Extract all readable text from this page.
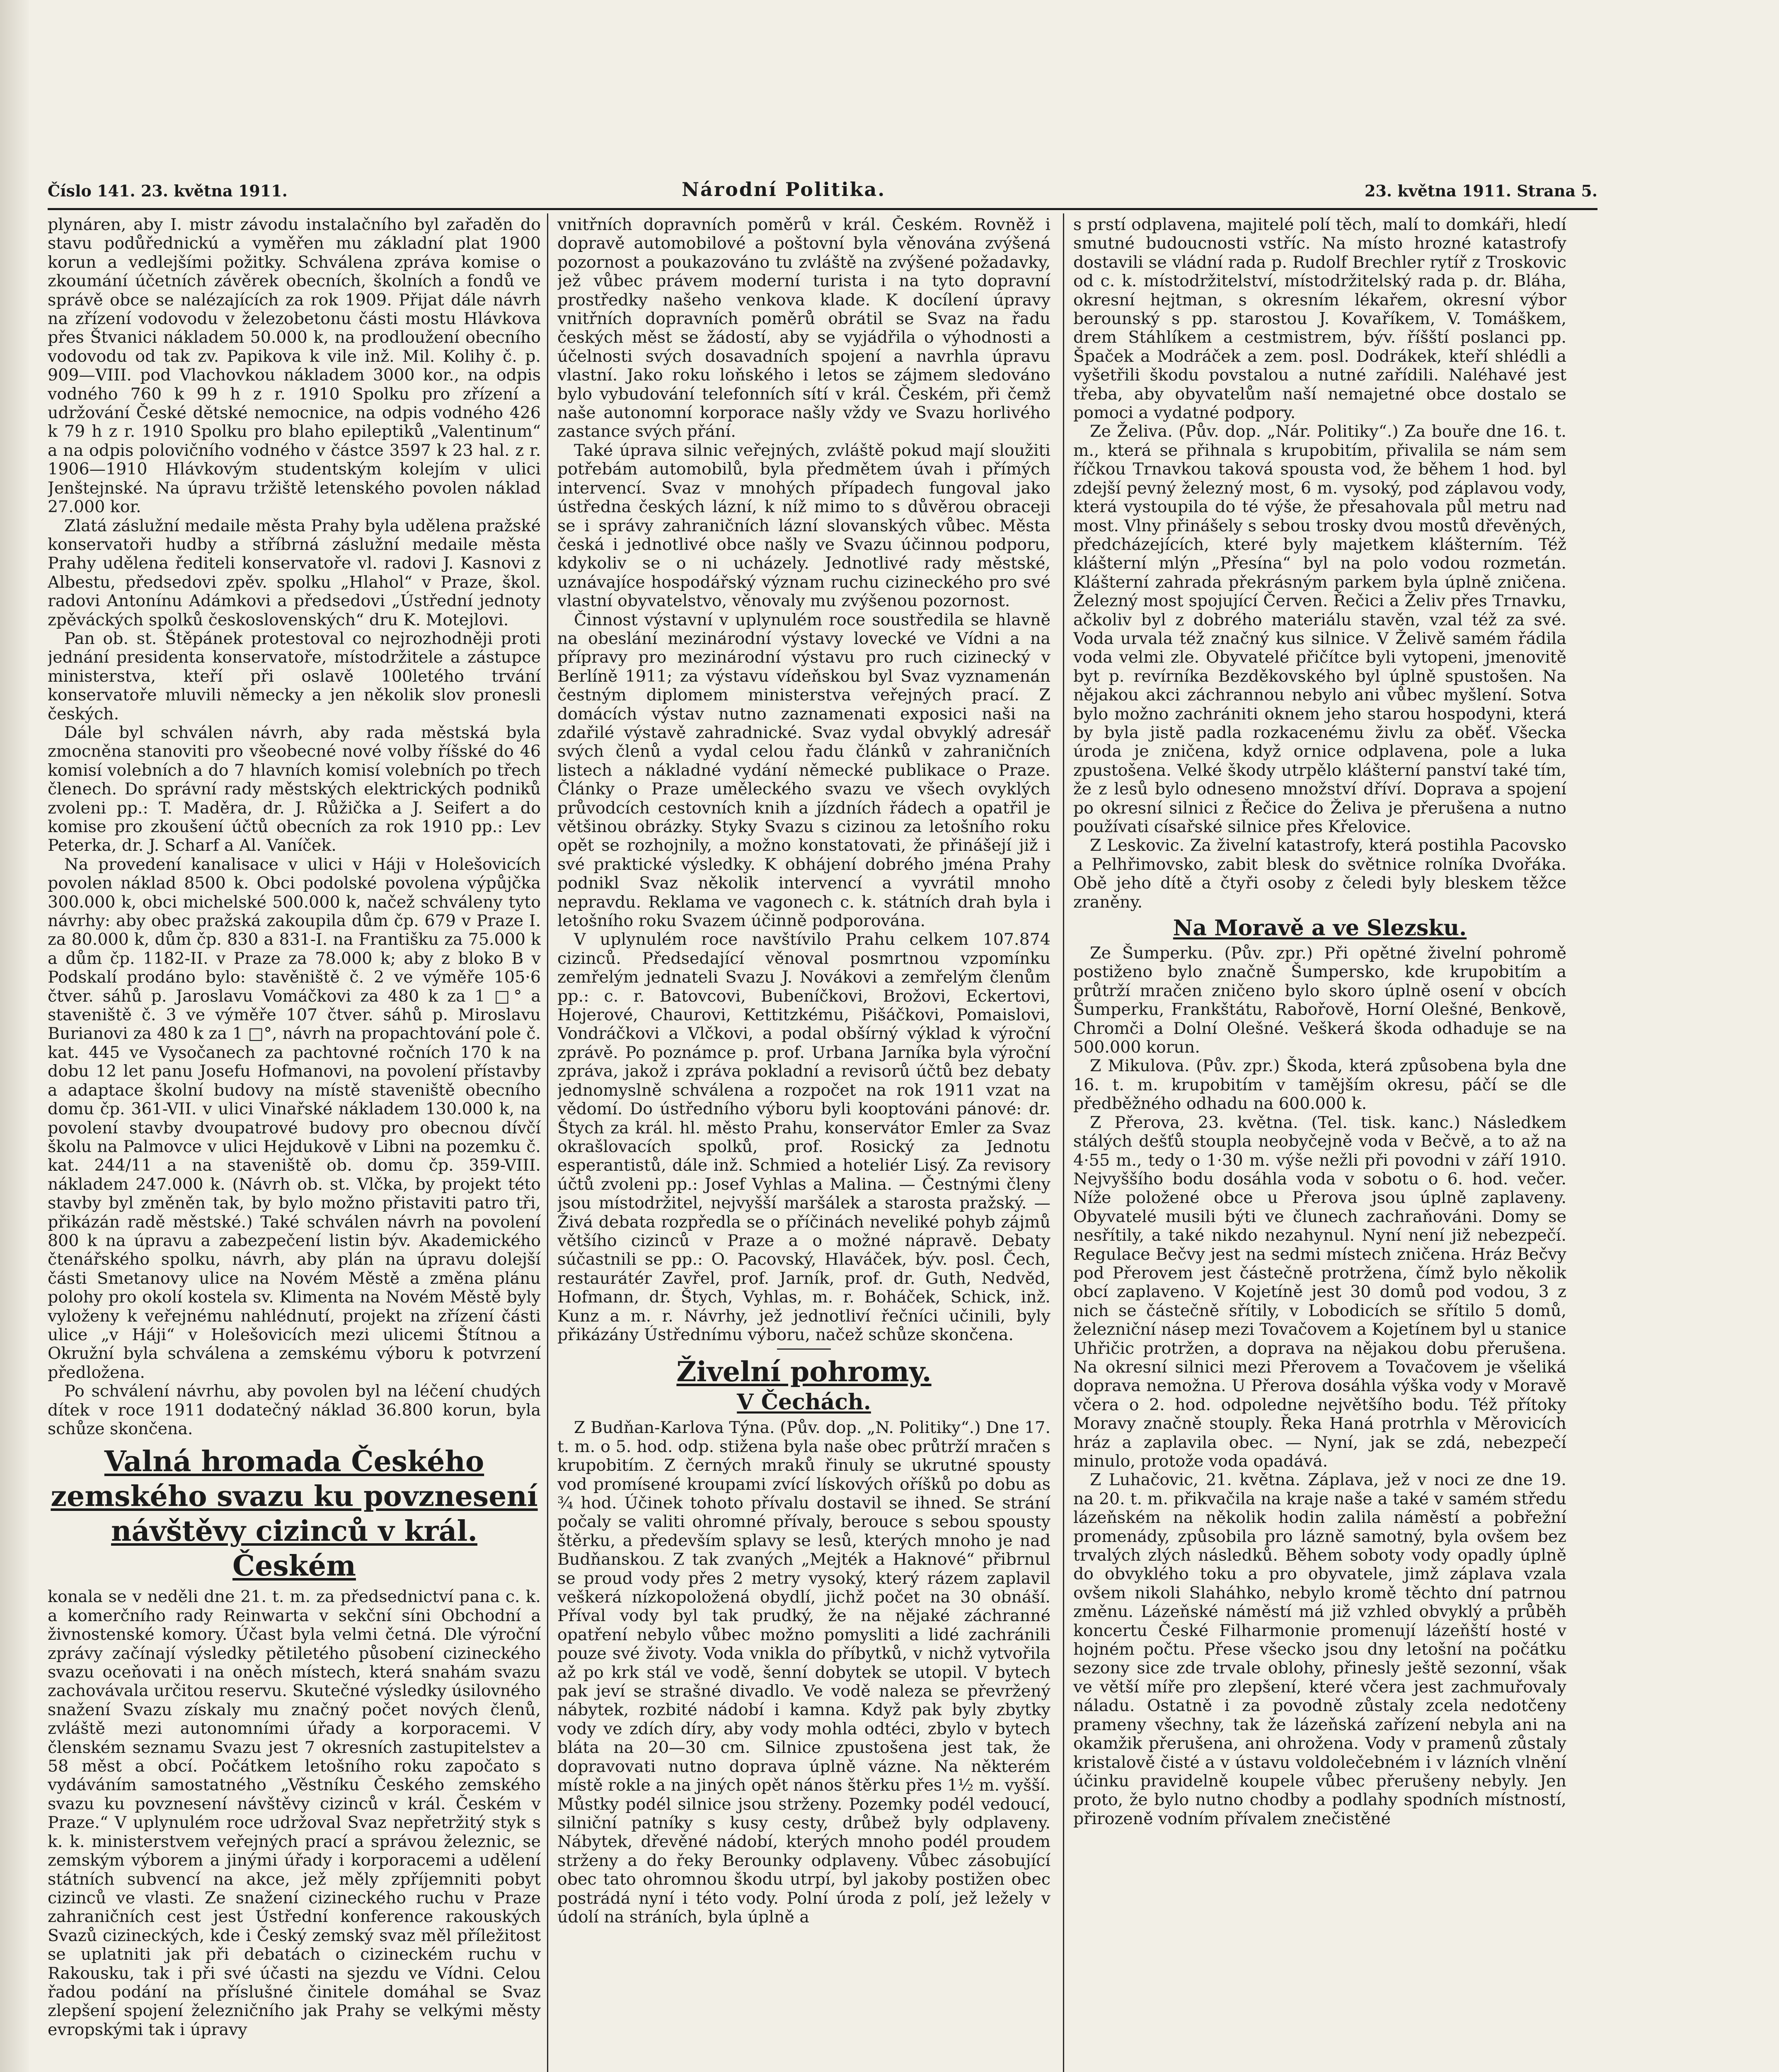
Číslo 141. 23. května 1911.	Národní Politika.	23. května 1911. Strana 5.

plynáren, aby I. mistr závodu instalačního byl zařaděn do stavu podůřednickú a vyměřen mu základní plat 1900 korun a vedlejšími požitky. Schválena zpráva komise o zkoumání účetních závěrek obecních, školních a fondů ve správě obce se nalézajících za rok 1909. Přijat dále návrh na zřízení vodovodu v železobetonu části mostu Hlávkova přes Štvanici nákladem 50.000 k, na prodloužení obecního vodovodu od tak zv. Papikova k vile inž. Mil. Kolihy č. p. 909—VIII. pod Vlachovkou nákladem 3000 kor., na odpis vodného 760 k 99 h z r. 1910 Spolku pro zřízení a udržování České dětské nemocnice, na odpis vodného 426 k 79 h z r. 1910 Spolku pro blaho epileptiků „Valentinum“ a na odpis polovičního vodného v částce 3597 k 23 hal. z r. 1906—1910 Hlávkovým studentským kolejím v ulici Jenštejnské. Na úpravu tržiště letenského povolen náklad 27.000 kor.

Zlatá záslužní medaile města Prahy byla udělena pražské konservatoři hudby a stříbrná záslužní medaile města Prahy udělena řediteli konservatoře vl. radovi J. Kasnovi z Albestu, předsedovi zpěv. spolku „Hlahol“ v Praze, škol. radovi Antonínu Adámkovi a předsedovi „Ústřední jednoty zpěváckých spolků československých“ dru K. Motejlovi.

Pan ob. st. Štěpánek protestoval co nejrozhodněji proti jednání presidenta konservatoře, místodržitele a zástupce ministerstva, kteří při oslavě 100letého trvání konservatoře mluvili německy a jen několik slov pronesli českých.

Dále byl schválen návrh, aby radа městská byla zmocněna stanoviti pro všeobecné nové volby říšské do 46 komisí volebních a do 7 hlavních komisí volebních po třech členech. Do správní rady městských elektrických podniků zvoleni pp.: T. Maděra, dr. J. Růžička a J. Seifert a do komise pro zkoušení účtů obecních za rok 1910 pp.: Lev Peterka, dr. J. Scharf a Al. Vaníček.

Na provedení kanalisace v ulici v Háji v Holešovicích povolen náklad 8500 k. Obci podolské povolena výpůjčka 300.000 k, obci michelské 500.000 k, načež schváleny tyto návrhy: aby obec pražská zakoupila dům čp. 679 v Praze I. za 80.000 k, dům čp. 830 a 831-I. na Františku za 75.000 k a dům čp. 1182-II. v Praze za 78.000 k; aby z blokо B v Podskalí prodáno bylo: stavěniště č. 2 ve výměře 105·6 čtver. sáhů p. Jaroslavu Vomáčkovi za 480 k za 1 □° a staveniště č. 3 ve výměře 107 čtver. sáhů p. Miroslavu Burianovi za 480 k za 1 □°, návrh na propachtování pole č. kat. 445 ve Vysočanech za pachtovné ročních 170 k na dobu 12 let panu Josefu Hofmanovi, na povolení přístavby a adaptace školní budovy na místě staveniště obecního domu čp. 361-VII. v ulici Vinařské nákladem 130.000 k, na povolení stavby dvoupatrové budovy pro obecnou dívčí školu na Palmovce v ulici Hejdukově v Libni na pozemku č. kat. 244/11 a na staveniště ob. domu čp. 359-VIII. nákladem 247.000 k. (Návrh ob. st. Vlčka, by projekt této stavby byl změněn tak, by bylo možno přistaviti patro tři, přikázán radě městské.) Také schválen návrh na povolení 800 k na úpravu a zabezpečení listin býv. Akademického čtenářského spolku, návrh, aby plán na úpravu dolejší části Smetanovy ulice na Novém Městě a změna plánu polohy pro okolí kostela sv. Klimenta na Novém Městě byly vyloženy k veřejnému nahlédnutí, projekt na zřízení části ulice „v Háji“ v Holešovicích mezi ulicemi Štítnou a Okružní byla schválena a zemskému výboru k potvrzení předložena.

Po schválení návrhu, aby povolen byl na léčení chudých dítek v roce 1911 dodatečný náklad 36.800 korun, byla schůze skončena.

Valná hromada Českého zemského svazu ku povznesení návštěvy cizinců v král. Českém

konala se v neděli dne 21. t. m. za předsednictví pana c. k. a komerčního rady Reinwarta v sekční síni Obchodní a živnostenské komory. Účast byla velmi četná. Dle výroční zprávy začínají výsledky pětiletého působení cizineckého svazu oceňovati i na oněch místech, která snahám svazu zachovávala určitou reservu. Skutečné výsledky úsilovného snažení Svazu získaly mu značný počet nových členů, zvláště mezi autonomními úřady a korporacemi. V členském seznamu Svazu jest 7 okresních zastupitelstev a 58 měst a obcí. Počátkem letošního roku započato s vydáváním samostatného „Věstníku Českého zemského svazu ku povznesení návštěvy cizinců v král. Českém v Praze.“ V uplynulém roce udržoval Svaz nepřetržitý styk s k. k. ministerstvem veřejných prací a správou železnic, se zemským výborem a jinými úřady i korporacemi a udělení státních subvencí na akce, jež měly zpříjemniti pobyt cizinců ve vlasti. Ze snažení cizineckého ruchu v Praze zahraničních cest jest Ústřední konference rakouských Svazů cizineckých, kde i Český zemský svaz měl příležitost se uplatniti jak při debatách o cizineckém ruchu v Rakousku, tak i při své účasti na sjezdu ve Vídni. Celou řadou podání na příslušné činitele domáhal se Svaz zlepšení spojení železničního jak Prahy se velkými městy evropskými tak i úpravy

vnitřních dopravních poměrů v král. Českém. Rovněž i dopravě automobilové a poštovní byla věnována zvýšená pozornost a poukazováno tu zvláště na zvýšené požadavky, jež vůbec právem moderní turista i na tyto dopravní prostředky našeho venkova klade. K docílení úpravy vnitřních dopravních poměrů obrátil se Svaz na řadu českých měst se žádostí, aby se vyjádřila o výhodnosti a účelnosti svých dosavadních spojení a navrhla úpravu vlastní. Jako roku loňského i letos se zájmem sledováno bylo vybudování telefonních sítí v král. Českém, při čemž naše autonomní korporace našly vždy ve Svazu horlivého zastance svých přání.

Také úprava silnic veřejných, zvláště pokud mají sloužiti potřebám automobilů, byla předmětem úvah i přímých intervencí. Svaz v mnohých případech fungoval jako ústředna českých lázní, k níž mimo to s důvěrou obraceji se i správy zahraničních lázní slovanských vůbec. Města česká i jednotlivé obce našly ve Svazu účinnou podporu, kdykoliv se o ni ucházely. Jednotlivé rady městské, uznávajíce hospodářský význam ruchu cizineckého pro své vlastní obyvatelstvo, věnovaly mu zvýšenou pozornost.

Činnost výstavní v uplynulém roce soustředila se hlavně na obeslání mezinárodní výstavy lovecké ve Vídni a na přípravy pro mezinárodní výstavu pro ruch cizinecký v Berlíně 1911; za výstavu vídeňskou byl Svaz vyznamenán čestným diplomem ministerstva veřejných prací. Z domácích výstav nutno zaznamenati exposici naši na zdařilé výstavě zahradnické. Svaz vydal obvyklý adresář svých členů a vydal celou řadu článků v zahraničních listech a nákladné vydání německé publikace o Praze. Články o Praze uměleckého svazu ve všech ovyklých průvodcích cestovních knih a jízdních řádech a opatřil je většinou obrázky. Styky Svazu s cizinou za letošního roku opět se rozhojnily, a možno konstatovati, že přinášejí již i své praktické výsledky. K obhájení dobrého jména Prahy podnikl Svaz několik intervencí a vyvrátil mnoho nepravdu. Reklama ve vagonech c. k. státních drah byla i letošního roku Svazem účinně podporována.

V uplynulém roce navštívilo Prahu celkem 107.874 cizinců. Předsedající věnoval posmrtnou vzpomínku zemřelým jednateli Svazu J. Novákovi a zemřelým členům pp.: c. r. Batovcovi, Bubeníčkovi, Brožovi, Eckertovi, Hojerové, Chaurovi, Kettitzkému, Pišáčkovi, Pomaislovi, Vondráčkovi a Vlčkovi, a podal obšírný výklad k výroční zprávě. Po poznámce p. prof. Urbana Jarníka byla výroční zpráva, jakož i zpráva pokladní a revisorů účtů bez debaty jednomyslně schválena a rozpočet na rok 1911 vzat na vědomí. Do ústředního výboru byli kooptováni pánové: dr. Štych za král. hl. město Prahu, konservátor Emler za Svaz okrašlovacích spolků, prof. Rosický za Jednotu esperantistů, dále inž. Schmied a hoteliér Lisý. Za revisory účtů zvoleni pp.: Josef Vyhlas a Malina. — Čestnými členy jsou místodržitel, nejvyšší maršálek a starosta pražský. — Živá debata rozpředla se o příčinách neveliké pohyb zájmů většího cizinců v Praze a o možné nápravě. Debaty súčastnili se pp.: O. Pacovský, Hlaváček, býv. posl. Čech, restaurátér Zavřel, prof. Jarník, prof. dr. Guth, Nedvěd, Hofmann, dr. Štych, Vyhlas, m. r. Boháček, Schick, inž. Kunz a m. r. Návrhy, jež jednotliví řečníci učinili, byly přikázány Ústřednímu výboru, načež schůze skončena.

Živelní pohromy.
V Čechách.

Z Budňan-Karlova Týna. (Pův. dop. „N. Politiky“.) Dne 17. t. m. o 5. hod. odp. stižena byla naše obec průtrží mračen s krupobitím. Z černých mraků řinuly se ukrutné spousty vod promísené kroupami zvící lískových oříšků po dobu as ¾ hod. Účinek tohoto přívalu dostavil se ihned. Se strání počaly se valiti ohromné přívaly, berouce s sebou spousty štěrku, a především splavy se lesů, kterých mnoho je nad Budňanskou. Z tak zvaných „Mejték a Haknové“ přibrnul se proud vody přes 2 metry vysoký, který rázem zaplavil veškerá nízkopoložená obydlí, jichž počet na 30 obnáší. Příval vody byl tak prudký, že na nějaké záchranné opatření nebylo vůbec možno pomysliti a lidé zachránili pouze své životy. Voda vnikla do příbytků, v nichž vytvořila až po krk stál ve vodě, šenní dobytek se utopil. V bytech pak jeví se strašné divadlo. Ve vodě naleza se převržený nábytek, rozbité nádobí i kamna. Když pak byly zbytky vody ve zdích díry, aby vody mohla odtéci, zbylo v bytech bláta na 20—30 cm. Silnice zpustošena jest tak, že dopravovati nutno doprava úplně vázne. Na některém místě rokle a na jiných opět nános štěrku přes 1½ m. vyšší. Můstky podél silnice jsou strženy. Pozemky podél vedoucí, silniční patníky s kusy cesty, drůbež byly odplaveny. Nábytek, dřevěné nádobí, kterých mnoho podél proudem strženy a do řeky Berounky odplaveny. Vůbec zásobující obec tato ohromnou škodu utrpí, byl jakoby postižen obec postrádá nyní i této vody. Polní úroda z polí, jež ležely v údolí na stráních, byla úplně a

s prstí odplavena, majitelé polí těch, malí to domkáři, hledí smutné budoucnosti vstříc. Na místo hrozné katastrofy dostavili se vládní rada p. Rudolf Brechler rytíř z Troskovic od c. k. místodržitelství, místodržitelský rada p. dr. Bláha, okresní hejtman, s okresním lékařem, okresní výbor berounský s pp. starostou J. Kovaříkem, V. Tomáškem, drem Stáhlíkem a cestmistrem, býv. říšští poslanci pp. Špaček a Modráček a zem. posl. Dodrákek, kteří shlédli a vyšetřili škodu povstalou a nutné zařídili. Naléhavé jest třeba, aby obyvatelům naší nemajetné obce dostalo se pomoci a vydatné podpory.

Ze Želiva. (Pův. dop. „Nár. Politiky“.) Za bouře dne 16. t. m., která se přihnala s krupobitím, přivalila se nám sem říčkou Trnavkou taková spousta vod, že během 1 hod. byl zdejší pevný železný most, 6 m. vysoký, pod záplavou vody, která vystoupila do té výše, že přesahovala půl metru nad most. Vlny přinášely s sebou trosky dvou mostů dřevěných, předcházejících, které byly majetkem klášterním. Též klášterní mlýn „Přesína“ byl na polo vodou rozmetán. Klášterní zahrada překrásným parkem byla úplně zničena. Železný most spojující Červen. Řečici a Želiv přes Trnavku, ačkoliv byl z dobrého materiálu stavěn, vzal též za své. Voda urvala též značný kus silnice. V Želivě samém řádila voda velmi zle. Obyvatelé přičítce byli vytopeni, jmenovitě byt p. revírníka Bezděkovského byl úplně spustošen. Na nějakou akci záchrannou nebylo ani vůbec myšlení. Sotva bylo možno zachrániti oknem jeho starou hospodyni, která by byla jistě padla rozkacenému živlu za oběť. Všecka úroda je zničena, když ornice odplavena, pole a luka zpustošena. Velké škody utrpělo klášterní panství také tím, že z lesů bylo odneseno množství dříví. Doprava a spojení po okresní silnici z Řečice do Želiva je přerušena a nutno používati císařské silnice přes Křelovice.

Z Leskovic. Za živelní katastrofy, která postihla Pacovsko a Pelhřimovsko, zabit blesk do světnice rolníka Dvořáka. Obě jeho dítě a čtyři osoby z čeledi byly bleskem těžce zraněny.

Na Moravě a ve Slezsku.

Ze Šumperku. (Pův. zpr.) Při opětné živelní pohromě postiženo bylo značně Šumpersko, kde krupobitím a průtrží mračen zničeno bylo skoro úplně osení v obcích Šumperku, Frankštátu, Rabořově, Horní Olešné, Benkově, Chromči a Dolní Olešné. Veškerá škoda odhaduje se na 500.000 korun.

Z Mikulova. (Pův. zpr.) Škoda, která způsobena byla dne 16. t. m. krupobitím v tamějším okresu, páčí se dle předběžného odhadu na 600.000 k.

Z Přerova, 23. května. (Tel. tisk. kanc.) Následkem stálých dešťů stoupla neobyčejně voda v Bečvě, a to až na 4·55 m., tedy o 1·30 m. výše nežli při povodni v září 1910. Nejvyššího bodu dosáhla voda v sobotu o 6. hod. večer. Níže položené obce u Přerova jsou úplně zaplaveny. Obyvatelé musili býti ve člunech zachraňováni. Domy se nesřítily, a také nikdo nezahynul. Nyní není již nebezpečí. Regulace Bečvy jest na sedmi místech zničena. Hráz Bečvy pod Přerovem jest částečně protržena, čímž bylo několik obcí zaplaveno. V Kojetíně jest 30 domů pod vodou, 3 z nich se částečně sřítily, v Lobodicích se sřítilo 5 domů, železniční násep mezi Tovačovem a Kojetínem byl u stanice Uhřičic protržen, a doprava na nějakou dobu přerušena. Na okresní silnici mezi Přerovem a Tovačovem je všeliká doprava nemožna. U Přerova dosáhla výška vody v Moravě včera o 2. hod. odpoledne největšího bodu. Též přítoky Moravy značně stouply. Řeka Haná protrhla v Měrovicích hráz a zaplavila obec. — Nyní, jak se zdá, nebezpečí minulo, protože voda opadává.

Z Luhačovic, 21. května. Záplava, jež v noci ze dne 19. na 20. t. m. přikvačila na kraje naše a také v samém středu lázeňském na několik hodin zalila náměstí a pobřežní promenády, způsobila pro lázně samotný, byla ovšem bez trvalých zlých následků. Během soboty vody opadly úplně do obvyklého toku a pro obyvatele, jimž záplava vzala ovšem nikoli Slaháhko, nebylo kromě těchto dní patrnou změnu. Lázeňské náměstí má již vzhled obvyklý a průběh koncertu České Filharmonie promenují lázeňští hosté v hojném počtu. Přese všecko jsou dny letošní na počátku sezony sice zde trvale oblohy, přinesly ještě sezonní, však ve větší míře pro zlepšení, které včera jest zachmuřovaly náladu. Ostatně i za povodně zůstaly zcela nedotčeny prameny všechny, tak že lázeňská zařízení nebyla ani na okamžik přerušena, ani ohrožena. Vody v pramenů zůstaly kristalově čisté a v ústavu voldolečebném i v lázních vlnění účinku pravidelně koupele vůbec přerušeny nebyly. Jen proto, že bylo nutno chodby a podlahy spodních místností, přirozeně vodním přívalem znečistěné
